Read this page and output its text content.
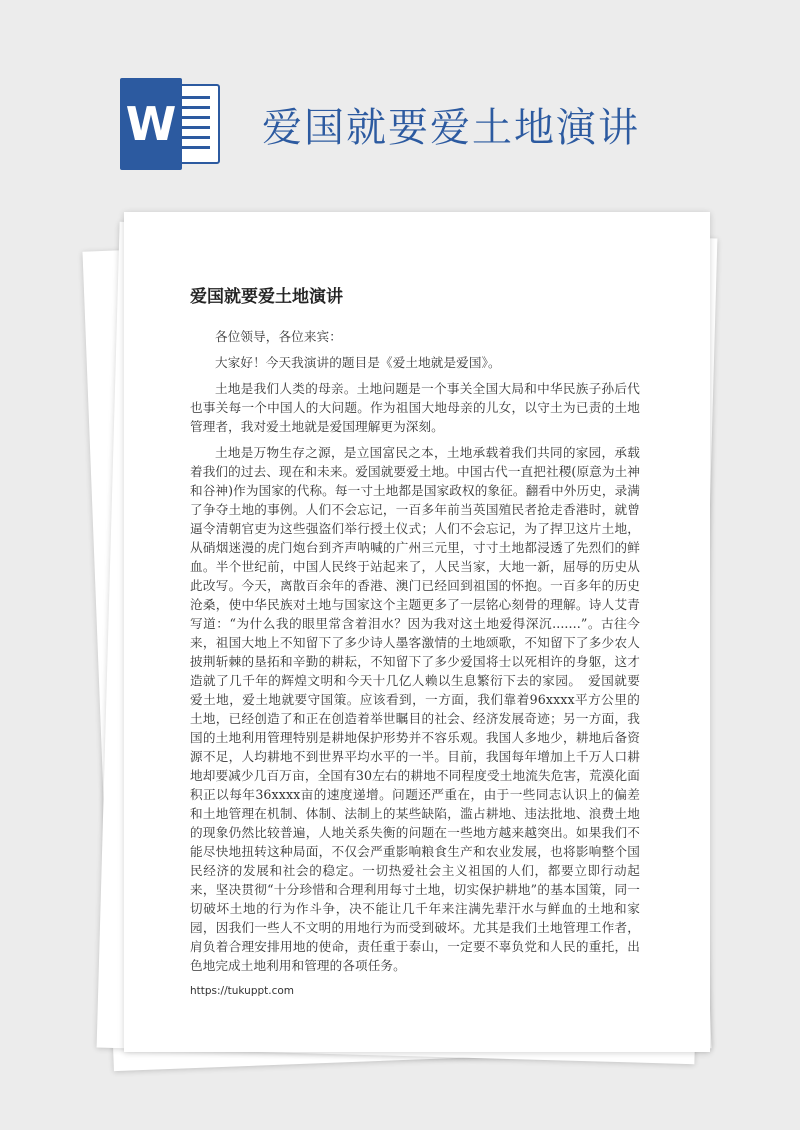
W 爱国就要爱土地演讲
爱国就要爱土地演讲

各位领导，各位来宾：

大家好！今天我演讲的题目是《爱土地就是爱国》。

土地是我们人类的母亲。土地问题是一个事关全国大局和中华民族子孙后代也事关每一个中国人的大问题。作为祖国大地母亲的儿女，以守土为已责的土地管理者，我对爱土地就是爱国理解更为深刻。

土地是万物生存之源，是立国富民之本，土地承载着我们共同的家园，承载着我们的过去、现在和未来。爱国就要爱土地。中国古代一直把社稷(原意为土神和谷神)作为国家的代称。每一寸土地都是国家政权的象征。翻看中外历史，录满了争夺土地的事例。人们不会忘记，一百多年前当英国殖民者抢走香港时，就曾逼令清朝官吏为这些强盗们举行授土仪式；人们不会忘记，为了捍卫这片土地，从硝烟迷漫的虎门炮台到齐声呐喊的广州三元里，寸寸土地都浸透了先烈们的鲜血。半个世纪前，中国人民终于站起来了，人民当家，大地一新，屈辱的历史从此改写。今天，离散百余年的香港、澳门已经回到祖国的怀抱。一百多年的历史沧桑，使中华民族对土地与国家这个主题更多了一层铭心刻骨的理解。诗人艾青写道：“为什么我的眼里常含着泪水？因为我对这土地爱得深沉.......”。古往今来，祖国大地上不知留下了多少诗人墨客激情的土地颂歌，不知留下了多少农人披荆斩棘的垦拓和辛勤的耕耘，不知留下了多少爱国将士以死相许的身躯，这才造就了几千年的辉煌文明和今天十几亿人赖以生息繁衍下去的家园。　爱国就要爱土地，爱土地就要守国策。应该看到，一方面，我们靠着96xxxx平方公里的土地，已经创造了和正在创造着举世瞩目的社会、经济发展奇迹；另一方面，我国的土地利用管理特别是耕地保护形势并不容乐观。我国人多地少，耕地后备资源不足，人均耕地不到世界平均水平的一半。目前，我国每年增加上千万人口耕地却要减少几百万亩，全国有30左右的耕地不同程度受土地流失危害，荒漠化面积正以每年36xxxx亩的速度递增。问题还严重在，由于一些同志认识上的偏差和土地管理在机制、体制、法制上的某些缺陷，滥占耕地、违法批地、浪费土地的现象仍然比较普遍，人地关系失衡的问题在一些地方越来越突出。如果我们不能尽快地扭转这种局面，不仅会严重影响粮食生产和农业发展，也将影响整个国民经济的发展和社会的稳定。一切热爱社会主义祖国的人们，都要立即行动起来，坚决贯彻“十分珍惜和合理利用每寸土地，切实保护耕地”的基本国策，同一切破坏土地的行为作斗争，决不能让几千年来注满先辈汗水与鲜血的土地和家园，因我们一些人不文明的用地行为而受到破坏。尤其是我们土地管理工作者，肩负着合理安排用地的使命，责任重于泰山，一定要不辜负党和人民的重托，出色地完成土地利用和管理的各项任务。

https://tukuppt.com
